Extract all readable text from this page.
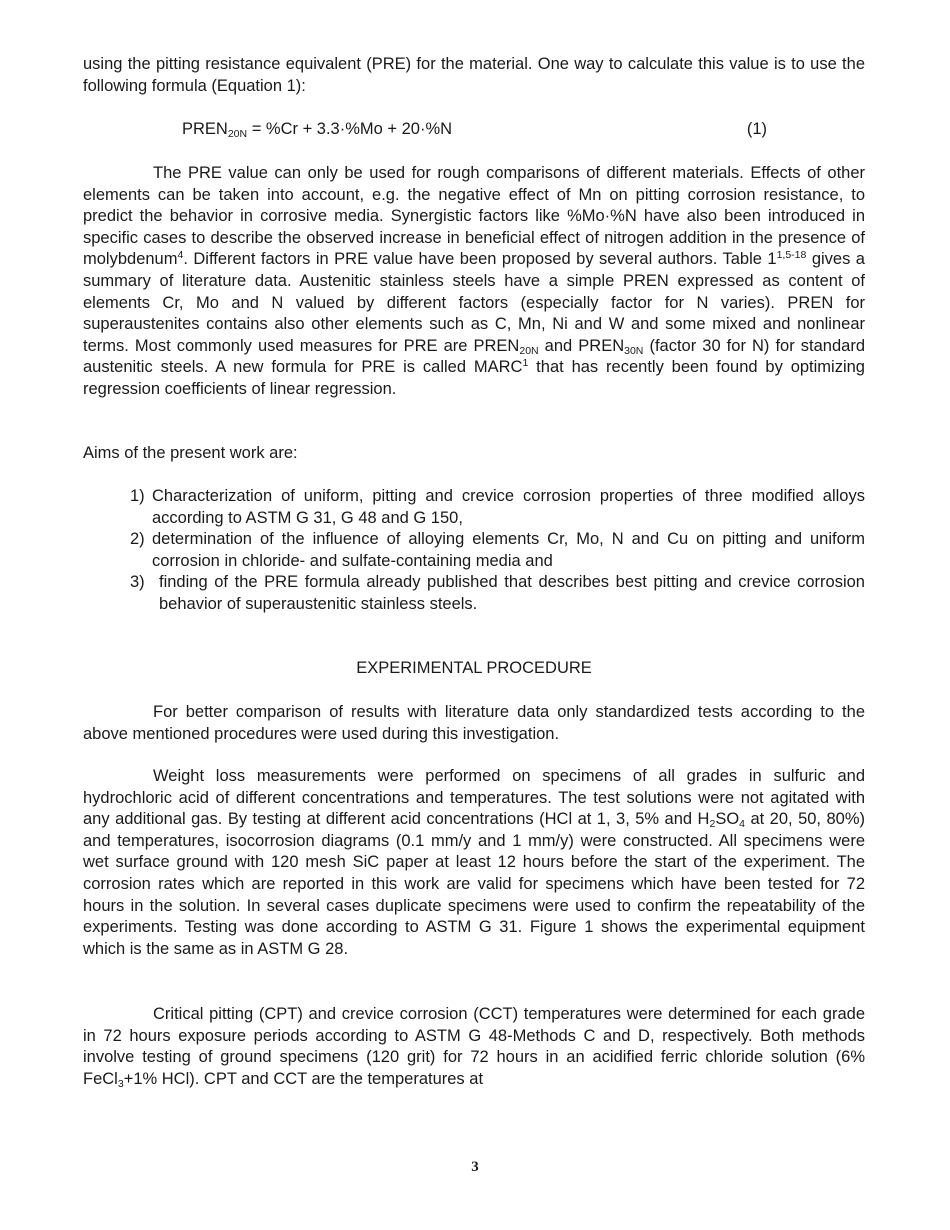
using the pitting resistance equivalent (PRE) for the material. One way to calculate this value is to use the following formula (Equation 1):

$PREN_{20N} = \%Cr + 3.3\cdot\%Mo + 20\cdot\%N$	(1)

The PRE value can only be used for rough comparisons of different materials. Effects of other elements can be taken into account, e.g. the negative effect of Mn on pitting corrosion resistance, to predict the behavior in corrosive media. Synergistic factors like %Mo·%N have also been introduced in specific cases to describe the observed increase in beneficial effect of nitrogen addition in the presence of molybdenum$^4$. Different factors in PRE value have been proposed by several authors. Table 1$^{1,5-18}$ gives a summary of literature data. Austenitic stainless steels have a simple PREN expressed as content of elements Cr, Mo and N valued by different factors (especially factor for N varies). PREN for superaustenites contains also other elements such as C, Mn, Ni and W and some mixed and nonlinear terms. Most commonly used measures for PRE are $PREN_{20N}$ and $PREN_{30N}$ (factor 30 for N) for standard austenitic steels. A new formula for PRE is called MARC$^1$ that has recently been found by optimizing regression coefficients of linear regression.

Aims of the present work are:

1) Characterization of uniform, pitting and crevice corrosion properties of three modified alloys according to ASTM G 31, G 48 and G 150,
2) determination of the influence of alloying elements Cr, Mo, N and Cu on pitting and uniform corrosion in chloride- and sulfate-containing media and
3) finding of the PRE formula already published that describes best pitting and crevice corrosion behavior of superaustenitic stainless steels.
EXPERIMENTAL PROCEDURE

For better comparison of results with literature data only standardized tests according to the above mentioned procedures were used during this investigation.

Weight loss measurements were performed on specimens of all grades in sulfuric and hydrochloric acid of different concentrations and temperatures. The test solutions were not agitated with any additional gas. By testing at different acid concentrations (HCl at 1, 3, 5% and $H_2SO_4$ at 20, 50, 80%) and temperatures, isocorrosion diagrams (0.1 mm/y and 1 mm/y) were constructed. All specimens were wet surface ground with 120 mesh SiC paper at least 12 hours before the start of the experiment. The corrosion rates which are reported in this work are valid for specimens which have been tested for 72 hours in the solution. In several cases duplicate specimens were used to confirm the repeatability of the experiments. Testing was done according to ASTM G 31. Figure 1 shows the experimental equipment which is the same as in ASTM G 28.

Critical pitting (CPT) and crevice corrosion (CCT) temperatures were determined for each grade in 72 hours exposure periods according to ASTM G 48-Methods C and D, respectively. Both methods involve testing of ground specimens (120 grit) for 72 hours in an acidified ferric chloride solution (6% FeCl$_3$+1% HCl). CPT and CCT are the temperatures at

3
